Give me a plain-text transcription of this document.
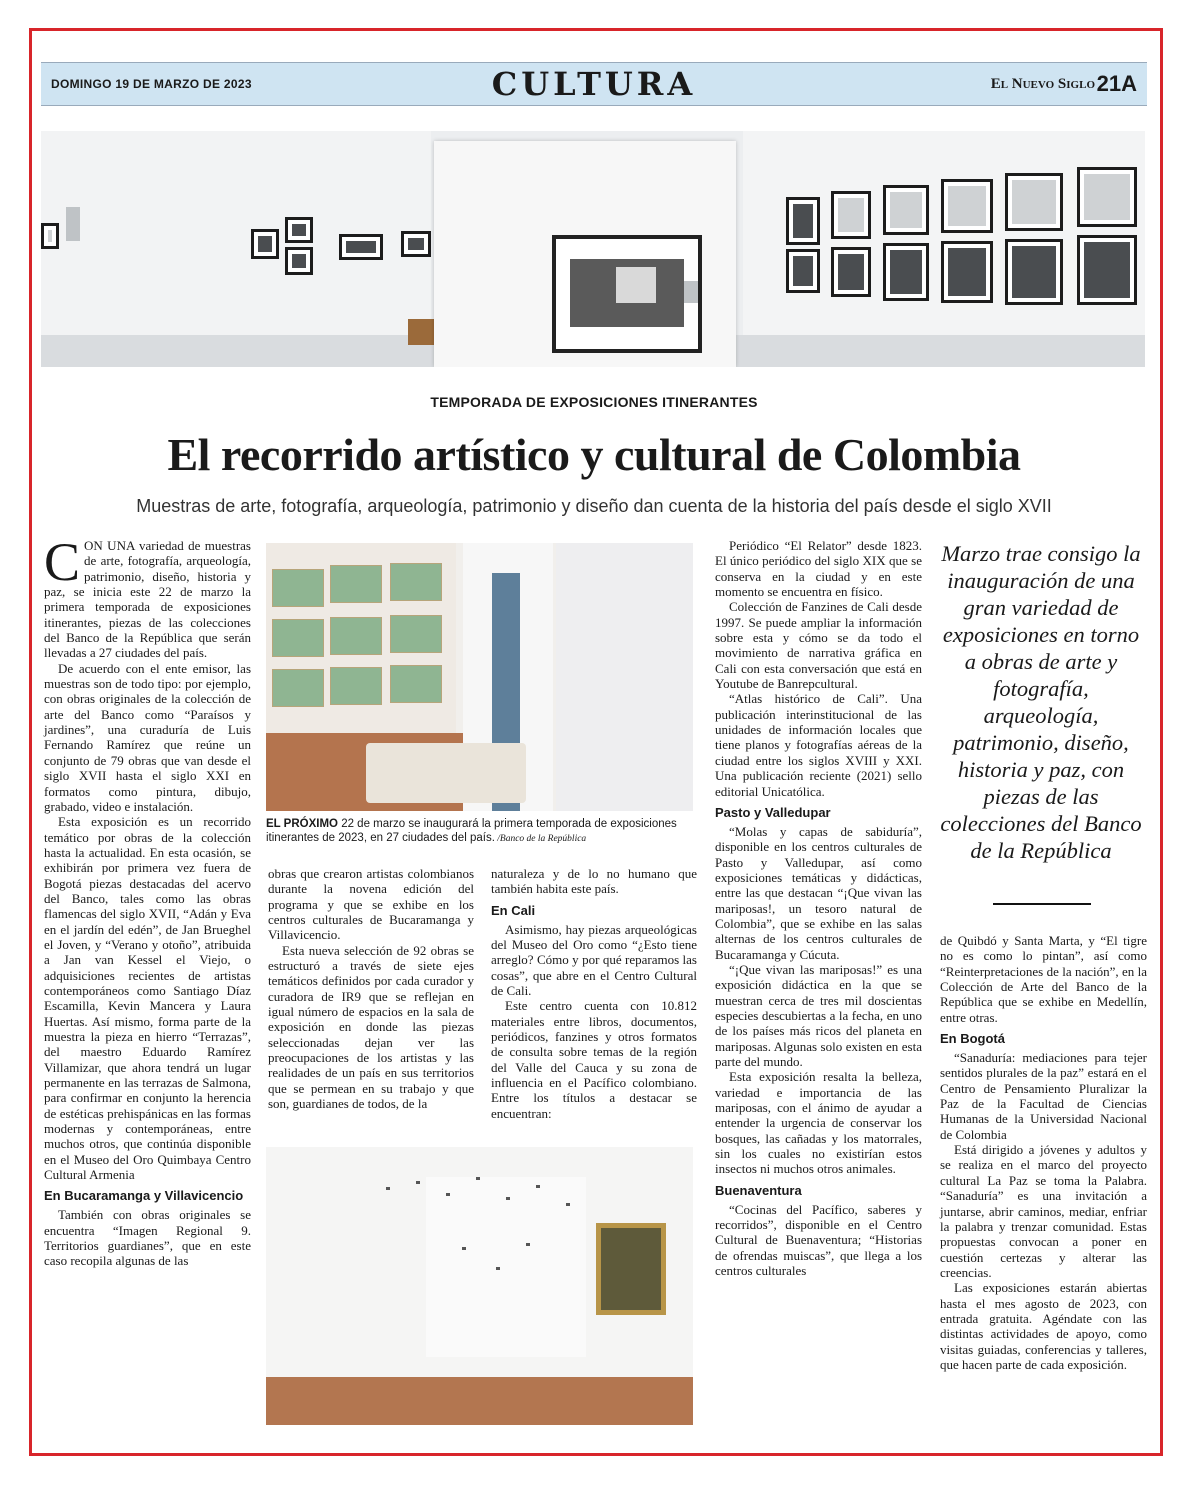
DOMINGO 19 DE MARZO DE 2023	CULTURA	El Nuevo Siglo 21A
TEMPORADA DE EXPOSICIONES ITINERANTES
El recorrido artístico y cultural de Colombia
Muestras de arte, fotografía, arqueología, patrimonio y diseño dan cuenta de la historia del país desde el siglo XVII

CON UNA variedad de muestras de arte, fotografía, arqueología, patrimonio, diseño, historia y paz, se inicia este 22 de marzo la primera temporada de exposiciones itinerantes, piezas de las colecciones del Banco de la República que serán llevadas a 27 ciudades del país.

De acuerdo con el ente emisor, las muestras son de todo tipo: por ejemplo, con obras originales de la colección de arte del Banco como “Paraísos y jardines”, una curaduría de Luis Fernando Ramírez que reúne un conjunto de 79 obras que van desde el siglo XVII hasta el siglo XXI en formatos como pintura, dibujo, grabado, video e instalación.

Esta exposición es un recorrido temático por obras de la colección hasta la actualidad. En esta ocasión, se exhibirán por primera vez fuera de Bogotá piezas destacadas del acervo del Banco, tales como las obras flamencas del siglo XVII, “Adán y Eva en el jardín del edén”, de Jan Brueghel el Joven, y “Verano y otoño”, atribuida a Jan van Kessel el Viejo, o adquisiciones recientes de artistas contemporáneos como Santiago Díaz Escamilla, Kevin Mancera y Laura Huertas. Así mismo, forma parte de la muestra la pieza en hierro “Terrazas”, del maestro Eduardo Ramírez Villamizar, que ahora tendrá un lugar permanente en las terrazas de Salmona, para confirmar en conjunto la herencia de estéticas prehispánicas en las formas modernas y contemporáneas, entre muchos otros, que continúa disponible en el Museo del Oro Quimbaya Centro Cultural Armenia

En Bucaramanga y Villavicencio

También con obras originales se encuentra “Imagen Regional 9. Territorios guardianes”, que en este caso recopila algunas de las

EL PRÓXIMO 22 de marzo se inaugurará la primera temporada de exposiciones itinerantes de 2023, en 27 ciudades del país. /Banco de la República

obras que crearon artistas colombianos durante la novena edición del programa y que se exhibe en los centros culturales de Bucaramanga y Villavicencio.

Esta nueva selección de 92 obras se estructuró a través de siete ejes temáticos definidos por cada curador y curadora de IR9 que se reflejan en igual número de espacios en la sala de exposición en donde las piezas seleccionadas dejan ver las preocupaciones de los artistas y las realidades de un país en sus territorios que se permean en su trabajo y que son, guardianes de todos, de la

naturaleza y de lo no humano que también habita este país.

En Cali

Asimismo, hay piezas arqueológicas del Museo del Oro como “¿Esto tiene arreglo? Cómo y por qué reparamos las cosas”, que abre en el Centro Cultural de Cali.

Este centro cuenta con 10.812 materiales entre libros, documentos, periódicos, fanzines y otros formatos de consulta sobre temas de la región del Valle del Cauca y su zona de influencia en el Pacífico colombiano. Entre los títulos a destacar se encuentran:

Periódico “El Relator” desde 1823. El único periódico del siglo XIX que se conserva en la ciudad y en este momento se encuentra en físico.

Colección de Fanzines de Cali desde 1997. Se puede ampliar la información sobre esta y cómo se da todo el movimiento de narrativa gráfica en Cali con esta conversación que está en Youtube de Banrepcultural.

“Atlas histórico de Cali”. Una publicación interinstitucional de las unidades de información locales que tiene planos y fotografías aéreas de la ciudad entre los siglos XVIII y XXI. Una publicación reciente (2021) sello editorial Unicatólica.

Pasto y Valledupar

“Molas y capas de sabiduría”, disponible en los centros culturales de Pasto y Valledupar, así como exposiciones temáticas y didácticas, entre las que destacan “¡Que vivan las mariposas!, un tesoro natural de Colombia”, que se exhibe en las salas alternas de los centros culturales de Bucaramanga y Cúcuta.

“¡Que vivan las mariposas!” es una exposición didáctica en la que se muestran cerca de tres mil doscientas especies descubiertas a la fecha, en uno de los países más ricos del planeta en mariposas. Algunas solo existen en esta parte del mundo.

Esta exposición resalta la belleza, variedad e importancia de las mariposas, con el ánimo de ayudar a entender la urgencia de conservar los bosques, las cañadas y los matorrales, sin los cuales no existirían estos insectos ni muchos otros animales.

Buenaventura

“Cocinas del Pacífico, saberes y recorridos”, disponible en el Centro Cultural de Buenaventura; “Historias de ofrendas muiscas”, que llega a los centros culturales

Marzo trae consigo la inauguración de una gran variedad de exposiciones en torno a obras de arte y fotografía, arqueología, patrimonio, diseño, historia y paz, con piezas de las colecciones del Banco de la República

de Quibdó y Santa Marta, y “El tigre no es como lo pintan”, así como “Reinterpretaciones de la nación”, en la Colección de Arte del Banco de la República que se exhibe en Medellín, entre otras.

En Bogotá

“Sanaduría: mediaciones para tejer sentidos plurales de la paz” estará en el Centro de Pensamiento Pluralizar la Paz de la Facultad de Ciencias Humanas de la Universidad Nacional de Colombia

Está dirigido a jóvenes y adultos y se realiza en el marco del proyecto cultural La Paz se toma la Palabra. “Sanaduría” es una invitación a juntarse, abrir caminos, mediar, enfriar la palabra y trenzar comunidad. Estas propuestas convocan a poner en cuestión certezas y alterar las creencias.

Las exposiciones estarán abiertas hasta el mes agosto de 2023, con entrada gratuita. Agéndate con las distintas actividades de apoyo, como visitas guiadas, conferencias y talleres, que hacen parte de cada exposición.
